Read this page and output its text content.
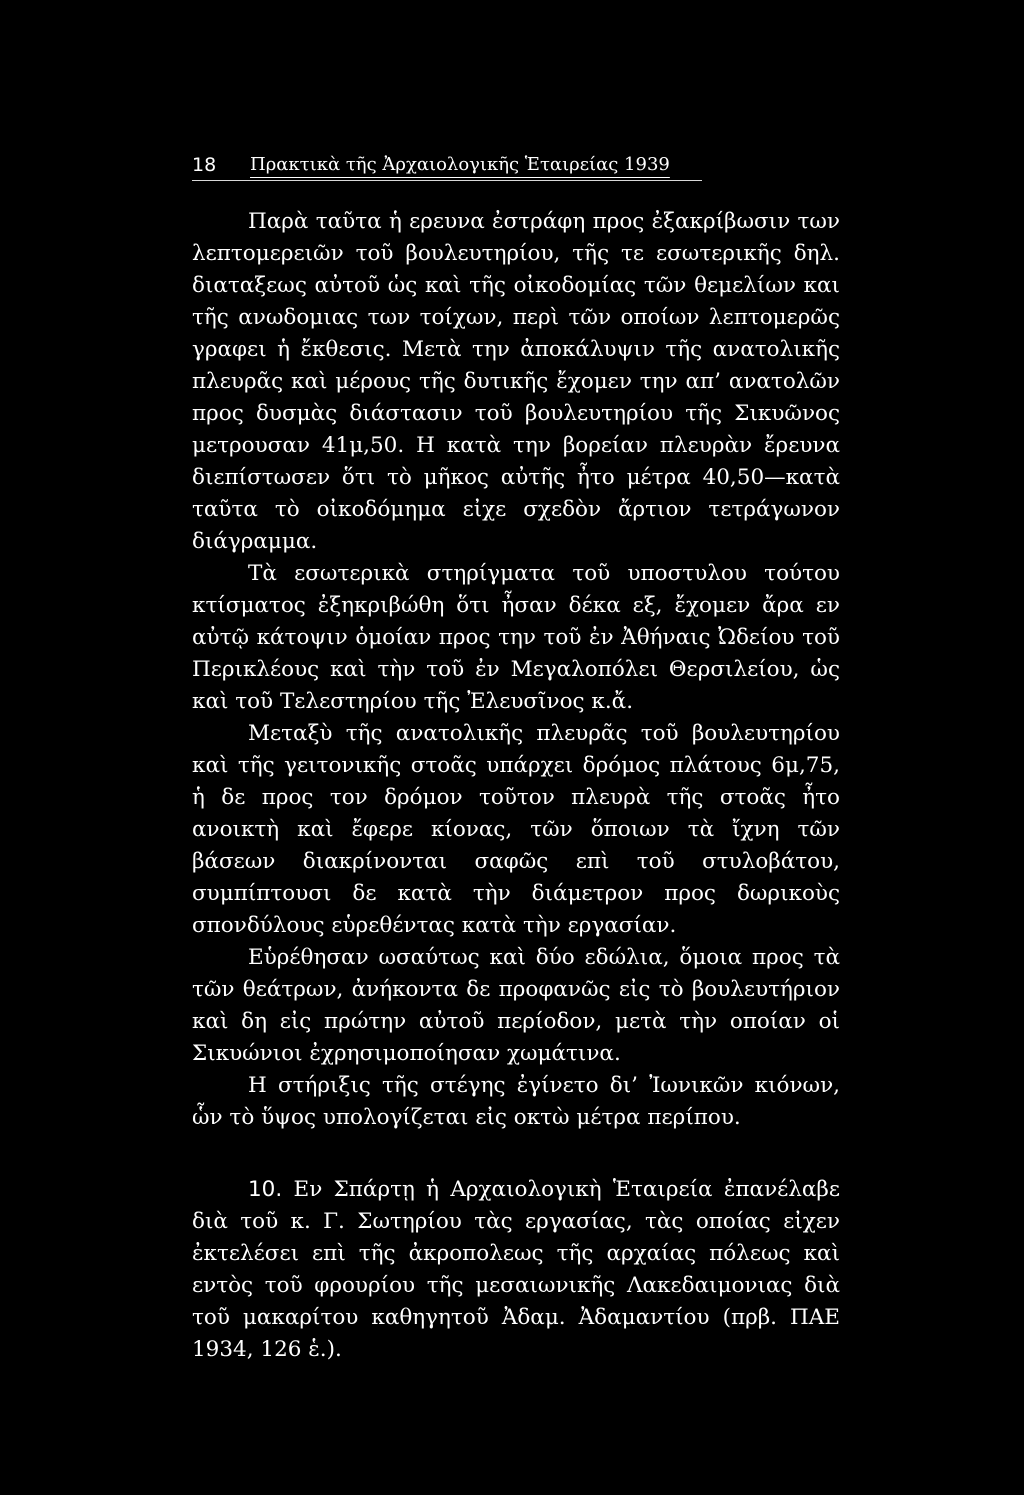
18 Πρακτικὰ τῆς Ἀρχαιολογικῆς Ἑταιρείας 1939

Παρὰ ταῦτα ἡ ερευνα ἐστράφη προς ἐξακρίβωσιν των λεπτομερειῶν τοῦ βουλευτηρίου, τῆς τε εσωτερικῆς δηλ. διαταξεως αὐτοῦ ὡς καὶ τῆς οἰκοδομίας τῶν θεμελίων και τῆς ανωδομιας των τοίχων, περὶ τῶν οποίων λεπτομερῶς γραφει ἡ ἔκθεσις. Μετὰ την ἀποκάλυψιν τῆς ανατολικῆς πλευρᾶς καὶ μέρους τῆς δυτικῆς ἔχομεν την απ’ ανατολῶν προς δυσμὰς διάστασιν τοῦ βουλευτηρίου τῆς Σικυῶνος μετρουσαν 41μ,50. Η κατὰ την βορείαν πλευρὰν ἔρευνα διεπίστωσεν ὅτι τὸ μῆκος αὐτῆς ἦτο μέτρα 40,50—κατὰ ταῦτα τὸ οἰκοδόμημα εἰχε σχεδὸν ἄρτιον τετράγωνον διάγραμμα.

Τὰ εσωτερικὰ στηρίγματα τοῦ υποστυλου τούτου κτίσματος ἐξηκριβώθη ὅτι ἦσαν δέκα εξ, ἔχομεν ἄρα εν αὐτῷ κάτοψιν ὁμοίαν προς την τοῦ ἐν Ἀθήναις Ὠδείου τοῦ Περικλέους καὶ τὴν τοῦ ἐν Μεγαλοπόλει Θερσιλείου, ὡς καὶ τοῦ Τελεστηρίου τῆς Ἐλευσῖνος κ.ἄ.

Μεταξὺ τῆς ανατολικῆς πλευρᾶς τοῦ βουλευτηρίου καὶ τῆς γειτονικῆς στοᾶς υπάρχει δρόμος πλάτους 6μ,75, ἡ δε προς τον δρόμον τοῦτον πλευρὰ τῆς στοᾶς ἦτο ανοικτὴ καὶ ἔφερε κίονας, τῶν ὅποιων τὰ ἴχνη τῶν βάσεων διακρίνονται σαφῶς επὶ τοῦ στυλοβάτου, συμπίπτουσι δε κατὰ τὴν διάμετρον προς δωρικοὺς σπονδύλους εὑρεθέντας κατὰ τὴν εργασίαν.

Εὑρέθησαν ωσαύτως καὶ δύο εδώλια, ὅμοια προς τὰ τῶν θεάτρων, ἀνήκοντα δε προφανῶς εἰς τὸ βουλευτήριον καὶ δη εἰς πρώτην αὐτοῦ περίοδον, μετὰ τὴν οποίαν οἱ Σικυώνιοι ἐχρησιμοποίησαν χωμάτινα.

Η στήριξις τῆς στέγης ἐγίνετο δι’ Ἰωνικῶν κιόνων, ὧν τὸ ὕψος υπολογίζεται εἰς οκτὼ μέτρα περίπου.

10. Εν Σπάρτῃ ἡ Αρχαιολογικὴ Ἑταιρεία ἐπανέλαβε διὰ τοῦ κ. Γ. Σωτηρίου τὰς εργασίας, τὰς οποίας εἰχεν ἐκτελέσει επὶ τῆς ἀκροπολεως τῆς αρχαίας πόλεως καὶ εντὸς τοῦ φρουρίου τῆς μεσαιωνικῆς Λακεδαιμονιας διὰ τοῦ μακαρίτου καθηγητοῦ Ἀδαμ. Ἀδαμαντίου (πρβ. ΠΑΕ 1934, 126 ἑ.).
